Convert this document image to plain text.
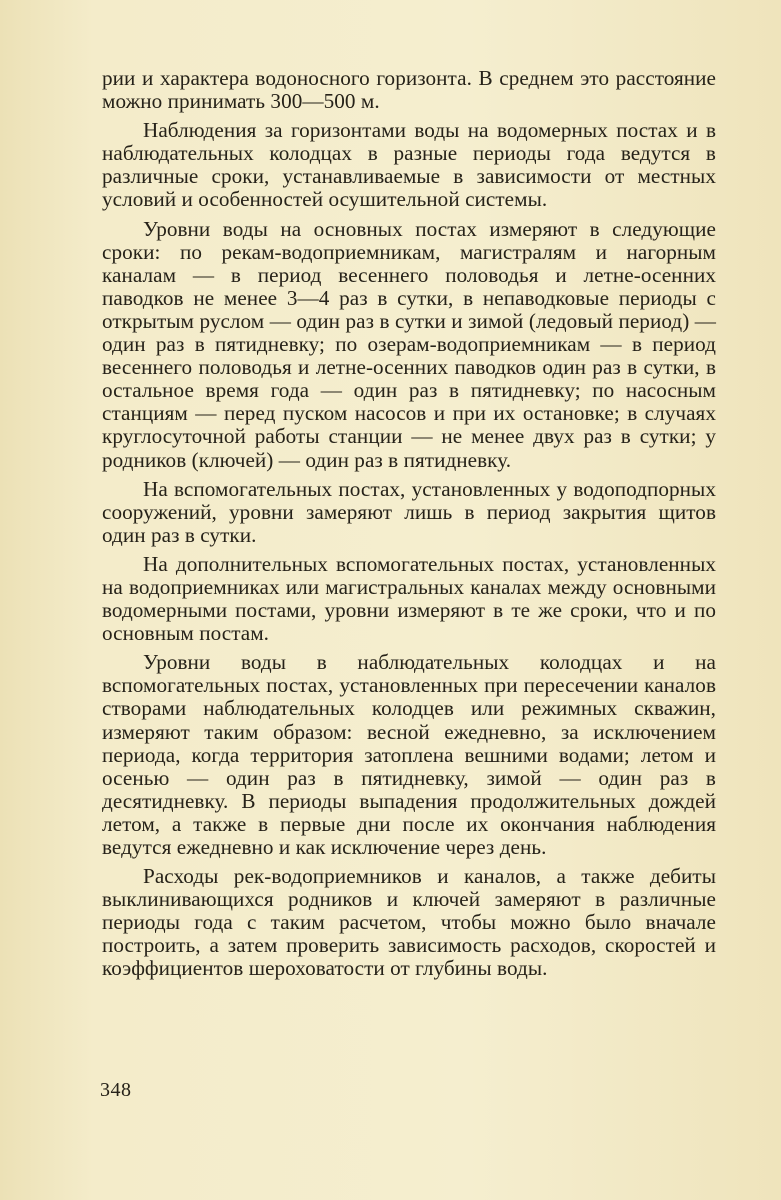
рии и характера водоносного горизонта. В среднем это расстояние можно принимать 300—500 м.

Наблюдения за горизонтами воды на водомерных постах и в наблюдательных колодцах в разные периоды года ведутся в различные сроки, устанавливаемые в зависимости от местных условий и особенностей осушительной системы.

Уровни воды на основных постах измеряют в следующие сроки: по рекам-водоприемникам, магистралям и нагорным каналам — в период весеннего половодья и летне-осенних паводков не менее 3—4 раз в сутки, в непаводковые периоды с открытым руслом — один раз в сутки и зимой (ледовый период) — один раз в пятидневку; по озерам-водоприемникам — в период весеннего половодья и летне-осенних паводков один раз в сутки, в остальное время года — один раз в пятидневку; по насосным станциям — перед пуском насосов и при их остановке; в случаях круглосуточной работы станции — не менее двух раз в сутки; у родников (ключей) — один раз в пятидневку.

На вспомогательных постах, установленных у водоподпорных сооружений, уровни замеряют лишь в период закрытия щитов один раз в сутки.

На дополнительных вспомогательных постах, установленных на водоприемниках или магистральных каналах между основными водомерными постами, уровни измеряют в те же сроки, что и по основным постам.

Уровни воды в наблюдательных колодцах и на вспомогательных постах, установленных при пересечении каналов створами наблюдательных колодцев или режимных скважин, измеряют таким образом: весной ежедневно, за исключением периода, когда территория затоплена вешними водами; летом и осенью — один раз в пятидневку, зимой — один раз в десятидневку. В периоды выпадения продолжительных дождей летом, а также в первые дни после их окончания наблюдения ведутся ежедневно и как исключение через день.

Расходы рек-водоприемников и каналов, а также дебиты выклинивающихся родников и ключей замеряют в различные периоды года с таким расчетом, чтобы можно было вначале построить, а затем проверить зависимость расходов, скоростей и коэффициентов шероховатости от глубины воды.

348
